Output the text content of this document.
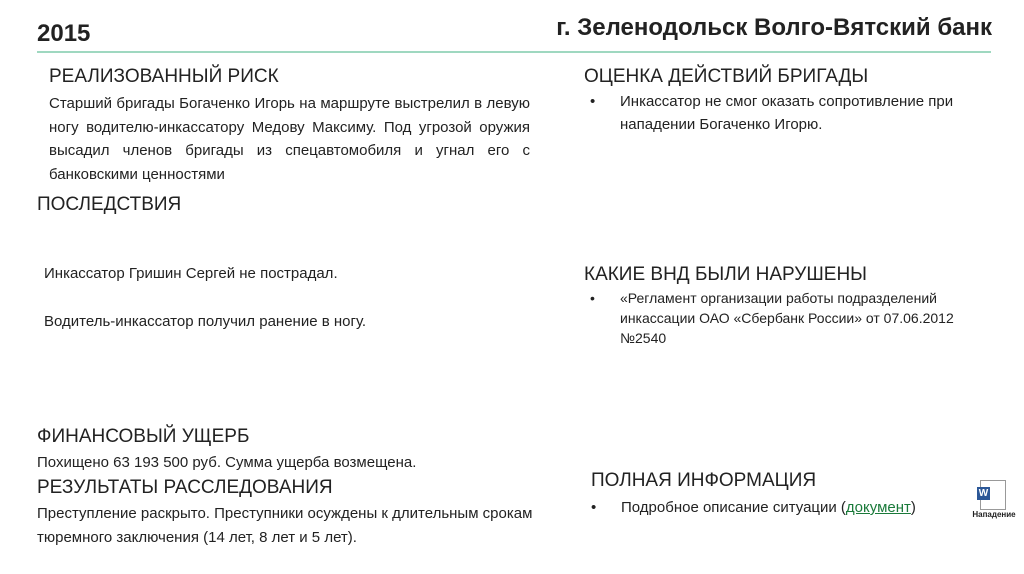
2015	г. Зеленодольск Волго-Вятский банк
РЕАЛИЗОВАННЫЙ РИСК

Старший бригады Богаченко Игорь на маршруте выстрелил в левую ногу водителю-инкассатору Медову Максиму. Под угрозой оружия высадил членов бригады из спецавтомобиля и угнал его с банковскими ценностями

ПОСЛЕДСТВИЯ

Инкассатор Гришин Сергей не пострадал.

Водитель-инкассатор получил ранение в ногу.

ФИНАНСОВЫЙ УЩЕРБ

Похищено 63 193 500 руб. Сумма ущерба возмещена.

РЕЗУЛЬТАТЫ РАССЛЕДОВАНИЯ

Преступление раскрыто. Преступники осуждены к длительным срокам тюремного заключения (14 лет, 8 лет и 5 лет).

ОЦЕНКА ДЕЙСТВИЙ БРИГАДЫ
• Инкассатор не смог оказать сопротивление при нападении Богаченко Игорю.
КАКИЕ ВНД БЫЛИ НАРУШЕНЫ
• «Регламент организации работы подразделений инкассации ОАО «Сбербанк России» от 07.06.2012 №2540
ПОЛНАЯ ИНФОРМАЦИЯ
• Подробное описание ситуации (документ)
W
Нападение
